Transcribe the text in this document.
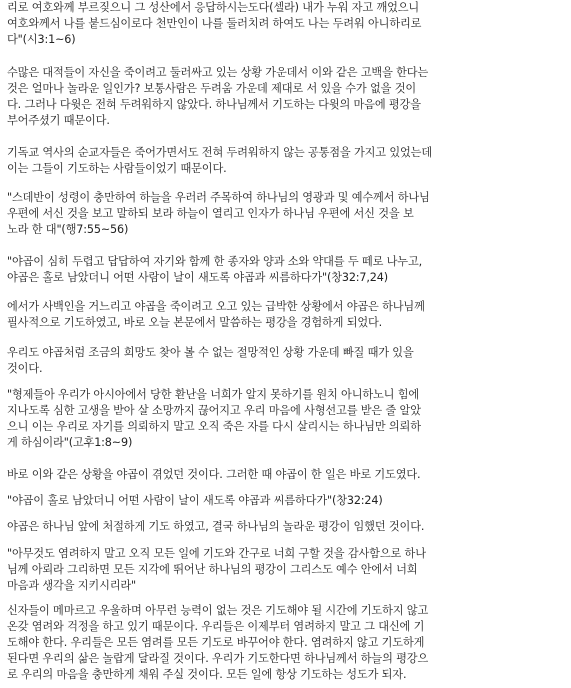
리로 여호와께 부르짖으니 그 성산에서 응답하시는도다(셀라) 내가 누워 자고 깨었으니
여호와께서 나를 붙드심이로다 천만인이 나를 둘러치려 하여도 나는 두려워 아니하리로
다"(시3:1~6)
수많은 대적들이 자신을 죽이려고 둘러싸고 있는 상황 가운데서 이와 같은 고백을 한다는
것은 얼마나 놀라운 일인가? 보통사람은 두려움 가운데 제대로 서 있을 수가 없을 것이
다. 그러나 다윗은 전혀 두려워하지 않았다. 하나님께서 기도하는 다윗의 마음에 평강을
부어주셨기 때문이다.
기독교 역사의 순교자들은 죽어가면서도 전혀 두려워하지 않는 공통점을 가지고 있었는데
이는 그들이 기도하는 사람들이었기 때문이다.
"스데반이 성령이 충만하여 하늘을 우러러 주목하여 하나님의 영광과 및 예수께서 하나님
우편에 서신 것을 보고 말하되 보라 하늘이 열리고 인자가 하나님 우편에 서신 것을 보
노라 한 대"(행7:55~56)
"야곱이 심히 두렵고 답답하여 자기와 함께 한 종자와 양과 소와 약대를 두 떼로 나누고,
야곱은 홀로 남았더니 어떤 사람이 날이 새도록 야곱과 씨름하다가"(창32:7,24)
에서가 사백인을 거느리고 야곱을 죽이려고 오고 있는 급박한 상황에서 야곱은 하나님께
필사적으로 기도하였고, 바로 오늘 본문에서 말씀하는 평강을 경험하게 되었다.
우리도 야곱처럼 조금의 희망도 찾아 볼 수 없는 절망적인 상황 가운데 빠질 때가 있을
것이다.
"형제들아 우리가 아시아에서 당한 환난을 너희가 알지 못하기를 원치 아니하노니 힘에
지나도록 심한 고생을 받아 살 소망까지 끊어지고 우리 마음에 사형선고를 받은 줄 알았
으니 이는 우리로 자기를 의뢰하지 말고 오직 죽은 자를 다시 살리시는 하나님만 의뢰하
게 하심이라"(고후1:8~9)
바로 이와 같은 상황을 야곱이 겪었던 것이다. 그러한 때 야곱이 한 일은 바로 기도였다.
"야곱이 홀로 남았더니 어떤 사람이 날이 새도록 야곱과 씨름하다가"(창32:24)
야곱은 하나님 앞에 처절하게 기도 하였고, 결국 하나님의 놀라운 평강이 임했던 것이다.
"아무것도 염려하지 말고 오직 모든 일에 기도와 간구로 너희 구할 것을 감사함으로 하나
님께 아뢰라 그리하면 모든 지각에 뛰어난 하나님의 평강이 그리스도 예수 안에서 너희
마음과 생각을 지키시리라"
신자들이 메마르고 우울하며 아무런 능력이 없는 것은 기도해야 될 시간에 기도하지 않고
온갖 염려와 걱정을 하고 있기 때문이다. 우리들은 이제부터 염려하지 말고 그 대신에 기
도해야 한다. 우리들은 모든 염려를 모든 기도로 바꾸어야 한다. 염려하지 않고 기도하게
된다면 우리의 삶은 놀랍게 달라질 것이다. 우리가 기도한다면 하나님께서 하늘의 평강으
로 우리의 마음을 충만하게 채워 주실 것이다. 모든 일에 항상 기도하는 성도가 되자.
